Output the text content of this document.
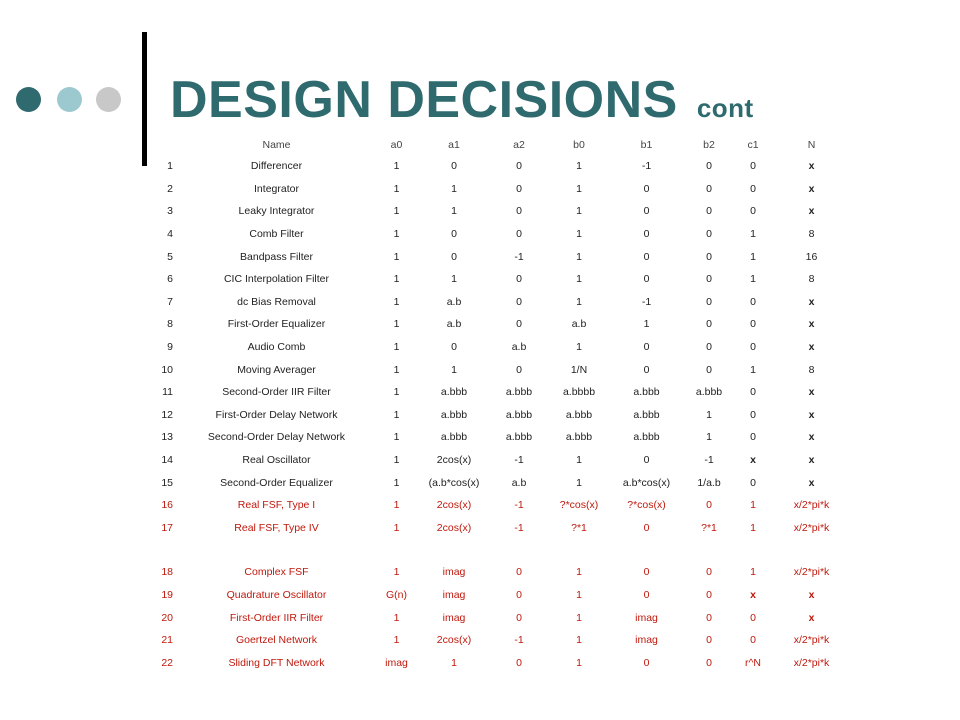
DESIGN DECISIONS cont
	Name	a0	a1	a2	b0	b1	b2	c1	N
1	Differencer	1	0	0	1	-1	0	0	x
2	Integrator	1	1	0	1	0	0	0	x
3	Leaky Integrator	1	1	0	1	0	0	0	x
4	Comb Filter	1	0	0	1	0	0	1	8
5	Bandpass Filter	1	0	-1	1	0	0	1	16
6	CIC Interpolation Filter	1	1	0	1	0	0	1	8
7	dc Bias Removal	1	a.b	0	1	-1	0	0	x
8	First-Order Equalizer	1	a.b	0	a.b	1	0	0	x
9	Audio Comb	1	0	a.b	1	0	0	0	x
10	Moving Averager	1	1	0	1/N	0	0	1	8
11	Second-Order IIR Filter	1	a.bbb	a.bbb	a.bbbb	a.bbb	a.bbb	0	x
12	First-Order Delay Network	1	a.bbb	a.bbb	a.bbb	a.bbb	1	0	x
13	Second-Order Delay Network	1	a.bbb	a.bbb	a.bbb	a.bbb	1	0	x
14	Real Oscillator	1	2cos(x)	-1	1	0	-1	x	x
15	Second-Order Equalizer	1	(a.b*cos(x)	a.b	1	a.b*cos(x)	1/a.b	0	x
16	Real FSF, Type I	1	2cos(x)	-1	?*cos(x)	?*cos(x)	0	1	x/2*pi*k
17	Real FSF, Type IV	1	2cos(x)	-1	?*1	0	?*1	1	x/2*pi*k

18	Complex FSF	1	imag	0	1	0	0	1	x/2*pi*k
19	Quadrature Oscillator	G(n)	imag	0	1	0	0	x	x
20	First-Order IIR Filter	1	imag	0	1	imag	0	0	x
21	Goertzel Network	1	2cos(x)	-1	1	imag	0	0	x/2*pi*k
22	Sliding DFT Network	imag	1	0	1	0	0	r^N	x/2*pi*k
